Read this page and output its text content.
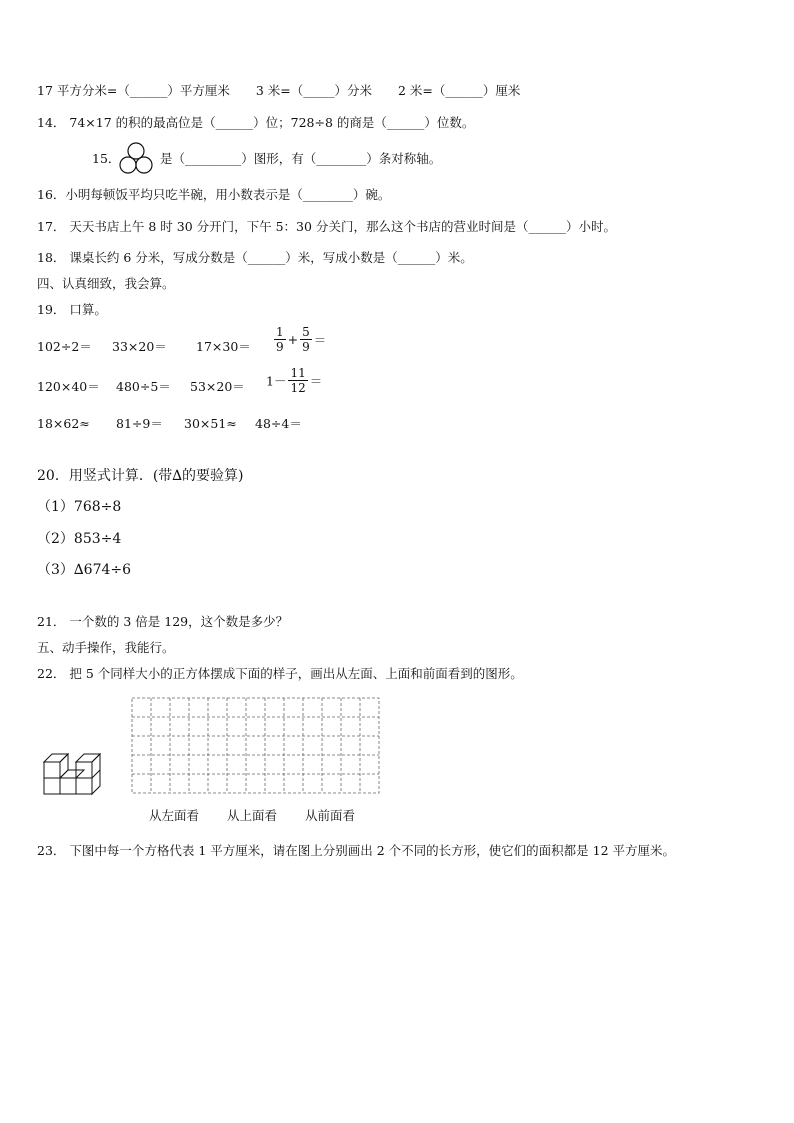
17 平方分米=（______）平方厘米 3 米=（_____）分米 2 米=（______）厘米
14． 74×17 的积的最高位是（______）位；728÷8 的商是（______）位数。
15．	是（_________）图形，有（________）条对称轴。
16．小明每顿饭平均只吃半碗，用小数表示是（________）碗。
17． 天天书店上午 8 时 30 分开门，下午 5：30 分关门，那么这个书店的营业时间是（______）小时。
18． 课桌长约 6 分米，写成分数是（______）米，写成小数是（______）米。
四、认真细致，我会算。
19． 口算。
$102\div 2= 33\times 20= 17\times 30= \frac{1}{9} + \frac{5}{9}$ ＝
$120\times 40= 480\div 5= 53\times 20= 1- \frac{11}{12}$ ＝
18×62≈ 81÷9＝ 30×51≈ 48÷4＝
20．用竖式计算．(带∆的要验算)
（1）768÷8
（2）853÷4
（3）∆674÷6
21． 一个数的 3 倍是 129，这个数是多少？
五、动手操作，我能行。
22． 把 5 个同样大小的正方体摆成下面的样子，画出从左面、上面和前面看到的图形。
从左面看 从上面看 从前面看
23． 下图中每一个方格代表 1 平方厘米，请在图上分别画出 2 个不同的长方形，使它们的面积都是 12 平方厘米。
